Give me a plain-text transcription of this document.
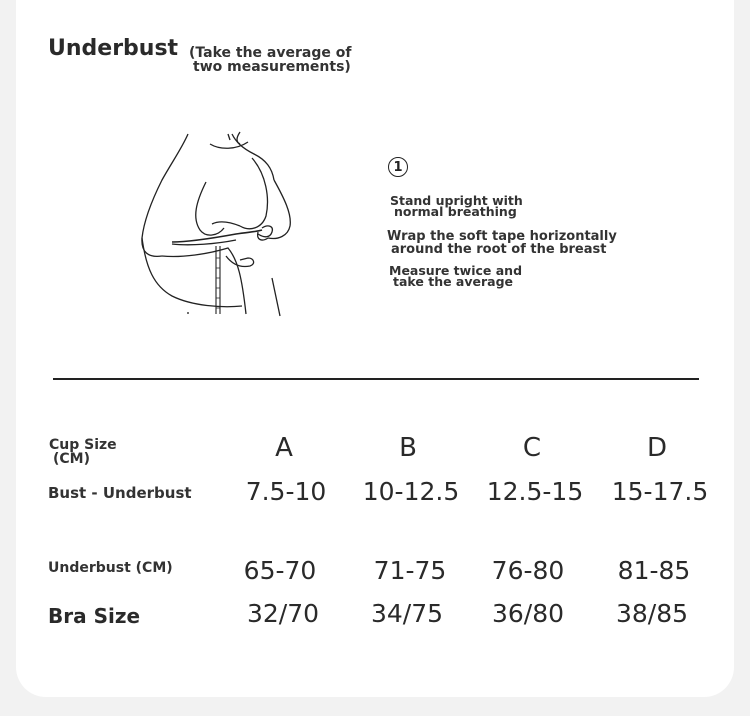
Underbust (Take the average of
two measurements)
1
Stand upright with
normal breathing
Wrap the soft tape horizontally
around the root of the breast
Measure twice and
take the average
Cup Size
(CM)	A	B	C	D
Bust - Underbust	7.5-10	10-12.5	12.5-15	15-17.5
Underbust (CM)	65-70	71-75	76-80	81-85
Bra Size	32/70	34/75	36/80	38/85
